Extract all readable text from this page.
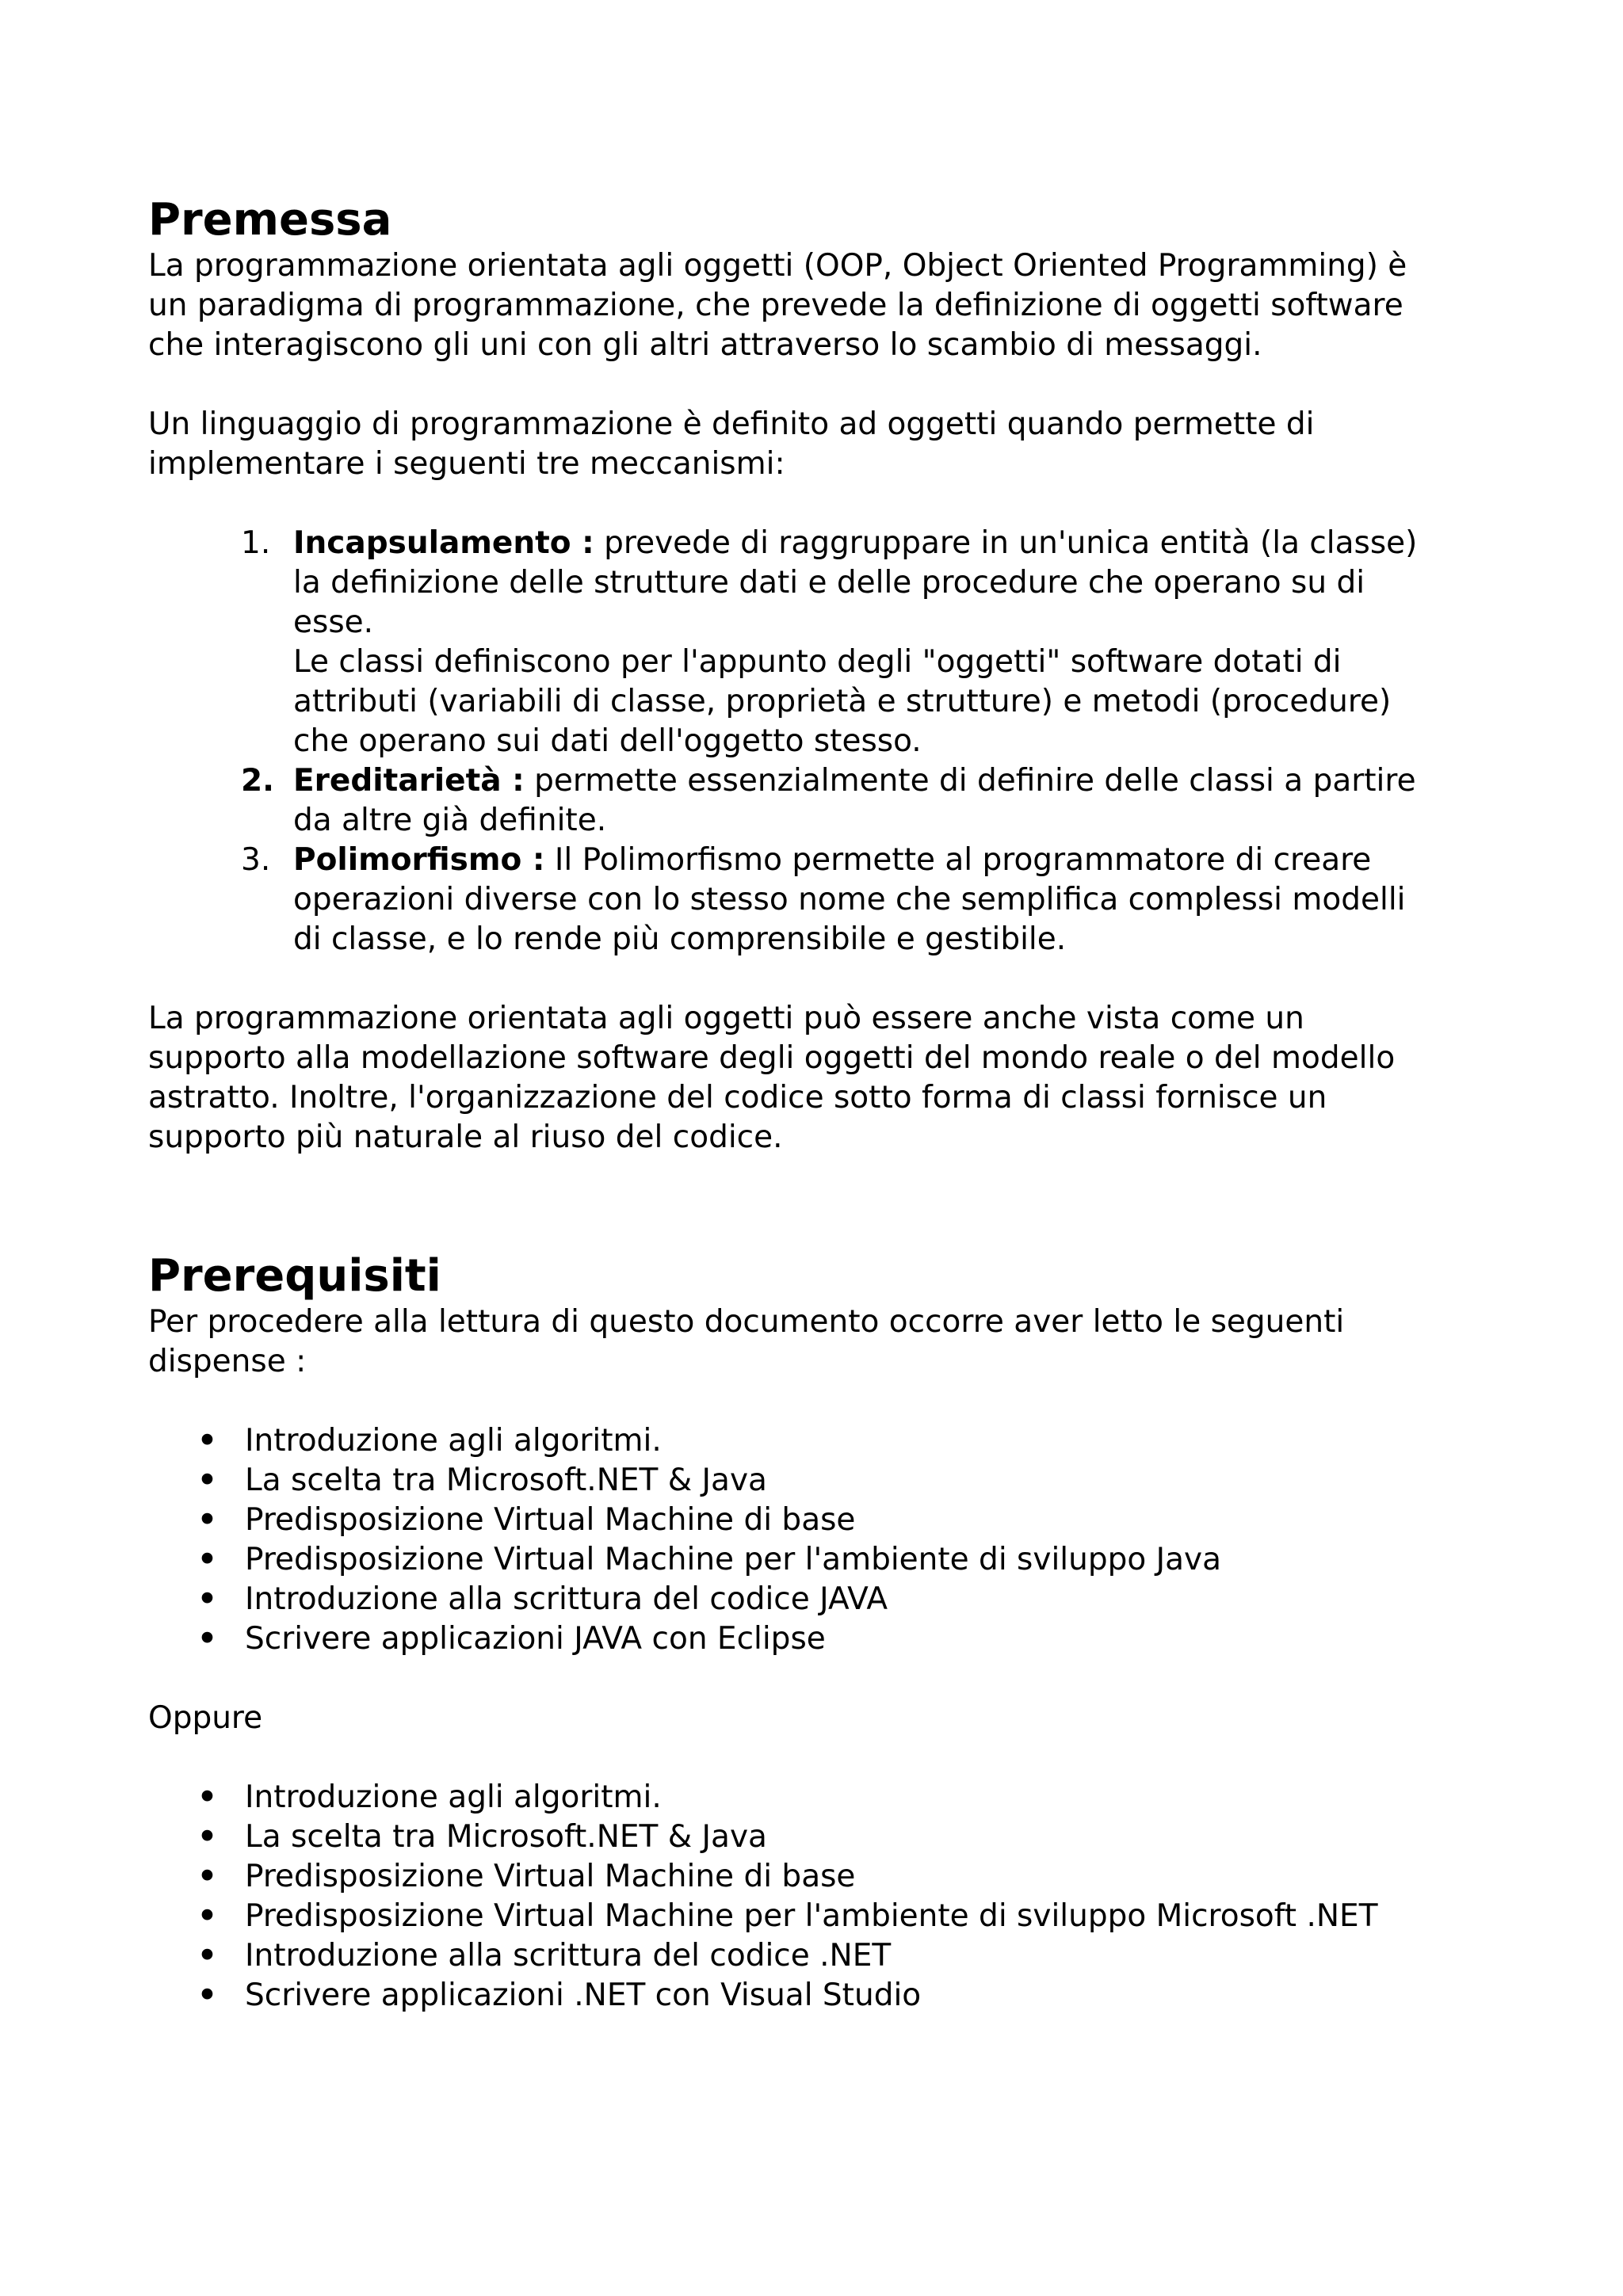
Premessa

La programmazione orientata agli oggetti (OOP, Object Oriented Programming) è

un paradigma di programmazione, che prevede la definizione di oggetti software

che interagiscono gli uni con gli altri attraverso lo scambio di messaggi.

Un linguaggio di programmazione è definito ad oggetti quando permette di

implementare i seguenti tre meccanismi:

1. Incapsulamento : prevede di raggruppare in un'unica entità (la classe)
la definizione delle strutture dati e delle procedure che operano su di
esse.
Le classi definiscono per l'appunto degli "oggetti" software dotati di
attributi (variabili di classe, proprietà e strutture) e metodi (procedure)
che operano sui dati dell'oggetto stesso.
2. Ereditarietà : permette essenzialmente di definire delle classi a partire
da altre già definite.
3. Polimorfismo : Il Polimorfismo permette al programmatore di creare
operazioni diverse con lo stesso nome che semplifica complessi modelli
di classe, e lo rende più comprensibile e gestibile.

La programmazione orientata agli oggetti può essere anche vista come un

supporto alla modellazione software degli oggetti del mondo reale o del modello

astratto. Inoltre, l'organizzazione del codice sotto forma di classi fornisce un

supporto più naturale al riuso del codice.

Prerequisiti

Per procedere alla lettura di questo documento occorre aver letto le seguenti

dispense :

• Introduzione agli algoritmi.
• La scelta tra Microsoft.NET & Java
• Predisposizione Virtual Machine di base
• Predisposizione Virtual Machine per l'ambiente di sviluppo Java
• Introduzione alla scrittura del codice JAVA
• Scrivere applicazioni JAVA con Eclipse

Oppure

• Introduzione agli algoritmi.
• La scelta tra Microsoft.NET & Java
• Predisposizione Virtual Machine di base
• Predisposizione Virtual Machine per l'ambiente di sviluppo Microsoft .NET
• Introduzione alla scrittura del codice .NET
• Scrivere applicazioni .NET con Visual Studio
